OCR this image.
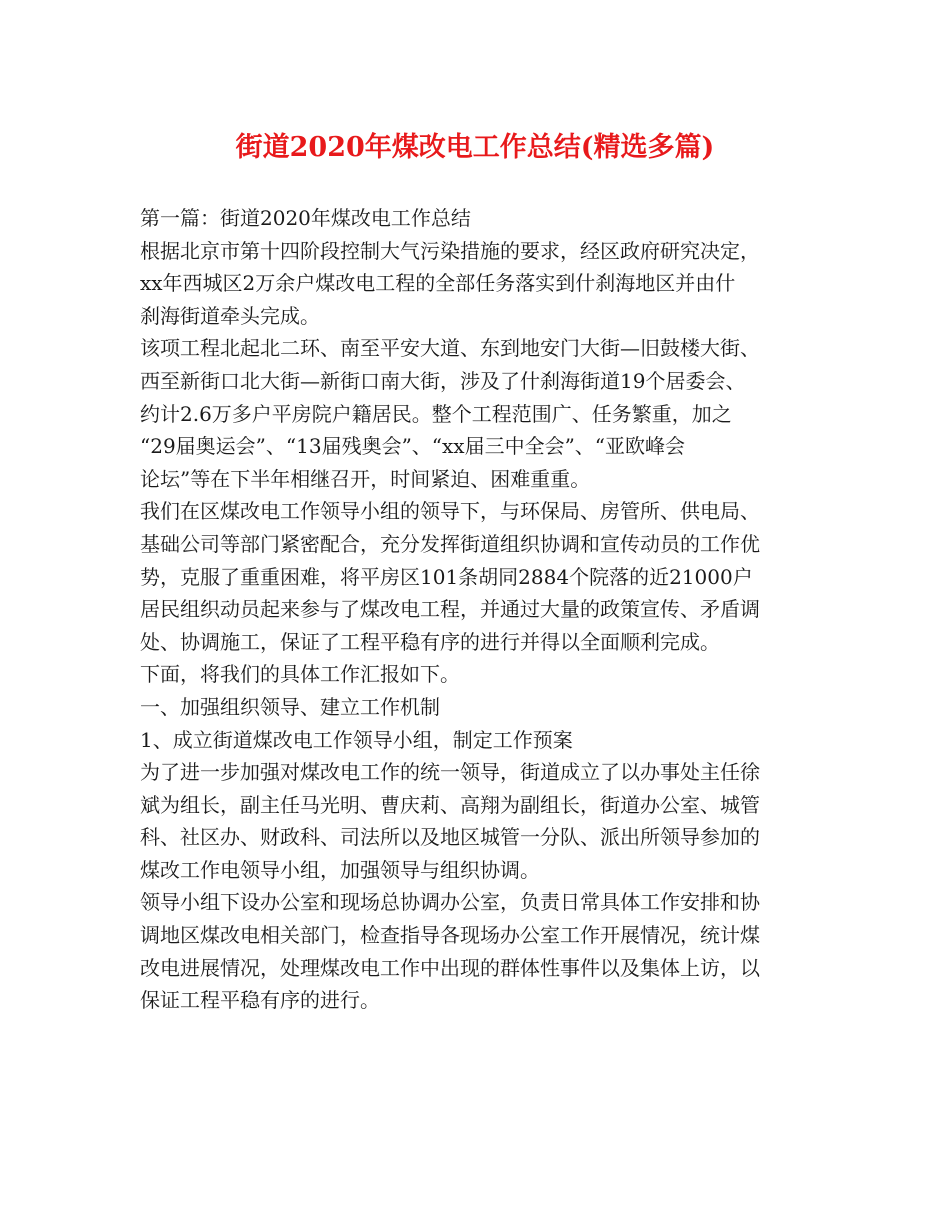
街道2020年煤改电工作总结(精选多篇)
第一篇：街道2020年煤改电工作总结
根据北京市第十四阶段控制大气污染措施的要求，经区政府研究决定，
xx年西城区2万余户煤改电工程的全部任务落实到什刹海地区并由什
刹海街道牵头完成。
该项工程北起北二环、南至平安大道、东到地安门大街—旧鼓楼大街、
西至新街口北大街—新街口南大街，涉及了什刹海街道19个居委会、
约计2.6万多户平房院户籍居民。整个工程范围广、任务繁重，加之
“29届奥运会”、“13届残奥会”、“xx届三中全会”、“亚欧峰会
论坛”等在下半年相继召开，时间紧迫、困难重重。
我们在区煤改电工作领导小组的领导下，与环保局、房管所、供电局、
基础公司等部门紧密配合，充分发挥街道组织协调和宣传动员的工作优
势，克服了重重困难，将平房区101条胡同2884个院落的近21000户
居民组织动员起来参与了煤改电工程，并通过大量的政策宣传、矛盾调
处、协调施工，保证了工程平稳有序的进行并得以全面顺利完成。
下面，将我们的具体工作汇报如下。
一、加强组织领导、建立工作机制
1、成立街道煤改电工作领导小组，制定工作预案
为了进一步加强对煤改电工作的统一领导，街道成立了以办事处主任徐
斌为组长，副主任马光明、曹庆莉、高翔为副组长，街道办公室、城管
科、社区办、财政科、司法所以及地区城管一分队、派出所领导参加的
煤改工作电领导小组，加强领导与组织协调。
领导小组下设办公室和现场总协调办公室，负责日常具体工作安排和协
调地区煤改电相关部门，检查指导各现场办公室工作开展情况，统计煤
改电进展情况，处理煤改电工作中出现的群体性事件以及集体上访，以
保证工程平稳有序的进行。
